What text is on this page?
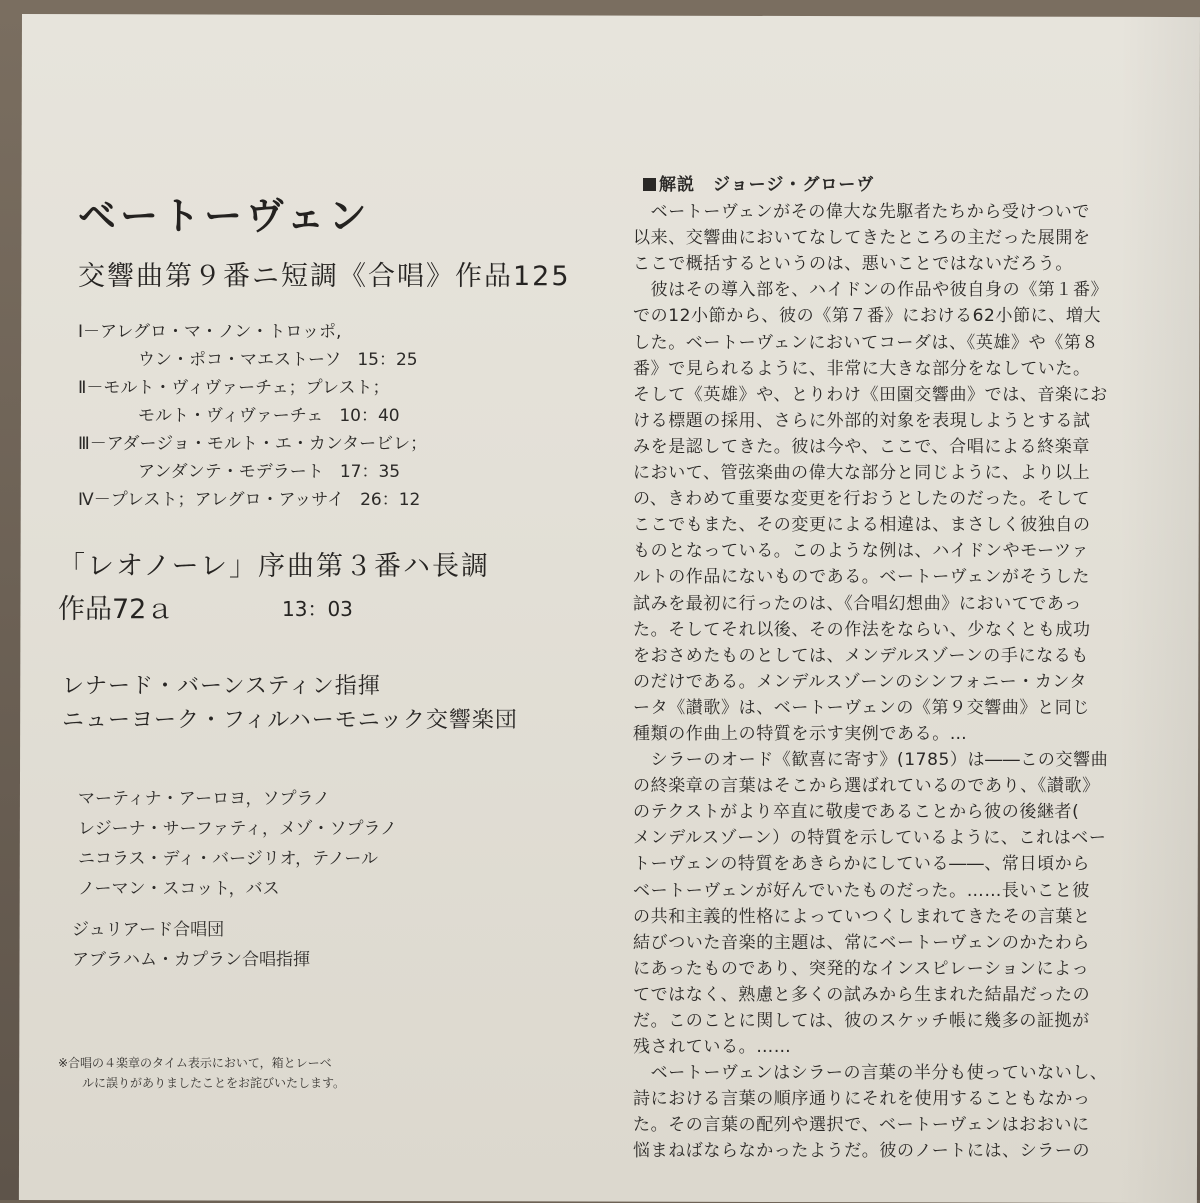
ベートーヴェン
交響曲第９番ニ短調《合唱》作品125
Ⅰ－アレグロ・マ・ノン・トロッポ,
ウン・ポコ・マエストーソ 15：25
Ⅱ－モルト・ヴィヴァーチェ；プレスト；
モルト・ヴィヴァーチェ 10：40
Ⅲ－アダージョ・モルト・エ・カンタービレ；
アンダンテ・モデラート 17：35
Ⅳ－プレスト；アレグロ・アッサイ 26：12
「レオノーレ」序曲第３番ハ長調
作品72ａ	13：03
レナード・バーンスティン指揮
ニューヨーク・フィルハーモニック交響楽団
マーティナ・アーロヨ，ソプラノ
レジーナ・サーファティ，メゾ・ソプラノ
ニコラス・ディ・バージリオ，テノール
ノーマン・スコット，バス
ジュリアード合唱団
アブラハム・カプラン合唱指揮
※合唱の４楽章のタイム表示において，箱とレーベ
ルに誤りがありましたことをお詫びいたします。
解説　 ジョージ・グローヴ
　ベートーヴェンがその偉大な先駆者たちから受けついで
以来、交響曲においてなしてきたところの主だった展開を
ここで概括するというのは、悪いことではないだろう。
　彼はその導入部を、ハイドンの作品や彼自身の《第１番》
での12小節から、彼の《第７番》における62小節に、増大
した。ベートーヴェンにおいてコーダは、《英雄》や《第８
番》で見られるように、非常に大きな部分をなしていた。
そして《英雄》や、とりわけ《田園交響曲》では、音楽にお
ける標題の採用、さらに外部的対象を表現しようとする試
みを是認してきた。彼は今や、ここで、合唱による終楽章
において、管弦楽曲の偉大な部分と同じように、より以上
の、きわめて重要な変更を行おうとしたのだった。そして
ここでもまた、その変更による相違は、まさしく彼独自の
ものとなっている。このような例は、ハイドンやモーツァ
ルトの作品にないものである。ベートーヴェンがそうした
試みを最初に行ったのは、《合唱幻想曲》においてであっ
た。そしてそれ以後、その作法をならい、少なくとも成功
をおさめたものとしては、メンデルスゾーンの手になるも
のだけである。メンデルスゾーンのシンフォニー・カンタ
ータ《讃歌》は、ベートーヴェンの《第９交響曲》と同じ
種類の作曲上の特質を示す実例である。…
　シラーのオード《歓喜に寄す》(1785）は――この交響曲
の終楽章の言葉はそこから選ばれているのであり、《讃歌》
のテクストがより卒直に敬虔であることから彼の後継者(
メンデルスゾーン）の特質を示しているように、これはベー
トーヴェンの特質をあきらかにしている――、常日頃から
ベートーヴェンが好んでいたものだった。……長いこと彼
の共和主義的性格によっていつくしまれてきたその言葉と
結びついた音楽的主題は、常にベートーヴェンのかたわら
にあったものであり、突発的なインスピレーションによっ
てではなく、熟慮と多くの試みから生まれた結晶だったの
だ。このことに関しては、彼のスケッチ帳に幾多の証拠が
残されている。……
　ベートーヴェンはシラーの言葉の半分も使っていないし、
詩における言葉の順序通りにそれを使用することもなかっ
た。その言葉の配列や選択で、ベートーヴェンはおおいに
悩まねばならなかったようだ。彼のノートには、シラーの
